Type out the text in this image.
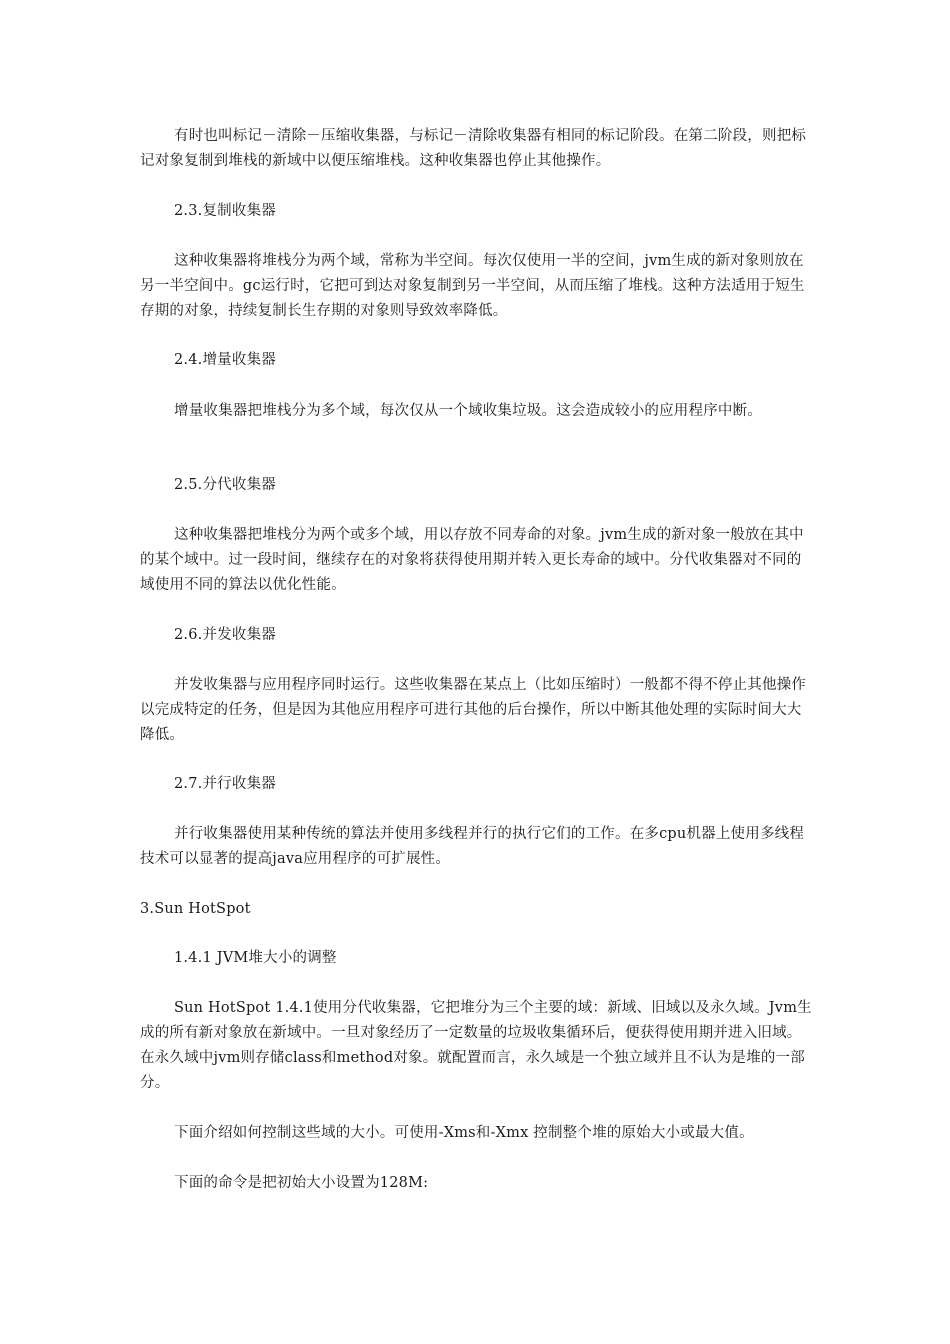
有时也叫标记－清除－压缩收集器，与标记－清除收集器有相同的标记阶段。在第二阶段，则把标记对象复制到堆栈的新域中以便压缩堆栈。这种收集器也停止其他操作。

2.3.复制收集器

这种收集器将堆栈分为两个域，常称为半空间。每次仅使用一半的空间，jvm生成的新对象则放在另一半空间中。gc运行时，它把可到达对象复制到另一半空间，从而压缩了堆栈。这种方法适用于短生存期的对象，持续复制长生存期的对象则导致效率降低。

2.4.增量收集器

增量收集器把堆栈分为多个域，每次仅从一个域收集垃圾。这会造成较小的应用程序中断。

2.5.分代收集器

这种收集器把堆栈分为两个或多个域，用以存放不同寿命的对象。jvm生成的新对象一般放在其中的某个域中。过一段时间，继续存在的对象将获得使用期并转入更长寿命的域中。分代收集器对不同的域使用不同的算法以优化性能。

2.6.并发收集器

并发收集器与应用程序同时运行。这些收集器在某点上（比如压缩时）一般都不得不停止其他操作以完成特定的任务，但是因为其他应用程序可进行其他的后台操作，所以中断其他处理的实际时间大大降低。

2.7.并行收集器

并行收集器使用某种传统的算法并使用多线程并行的执行它们的工作。在多cpu机器上使用多线程技术可以显著的提高java应用程序的可扩展性。

3.Sun HotSpot

1.4.1 JVM堆大小的调整

Sun HotSpot 1.4.1使用分代收集器，它把堆分为三个主要的域：新域、旧域以及永久域。Jvm生成的所有新对象放在新域中。一旦对象经历了一定数量的垃圾收集循环后，便获得使用期并进入旧域。在永久域中jvm则存储class和method对象。就配置而言，永久域是一个独立域并且不认为是堆的一部分。

下面介绍如何控制这些域的大小。可使用-Xms和-Xmx 控制整个堆的原始大小或最大值。

下面的命令是把初始大小设置为128M:
